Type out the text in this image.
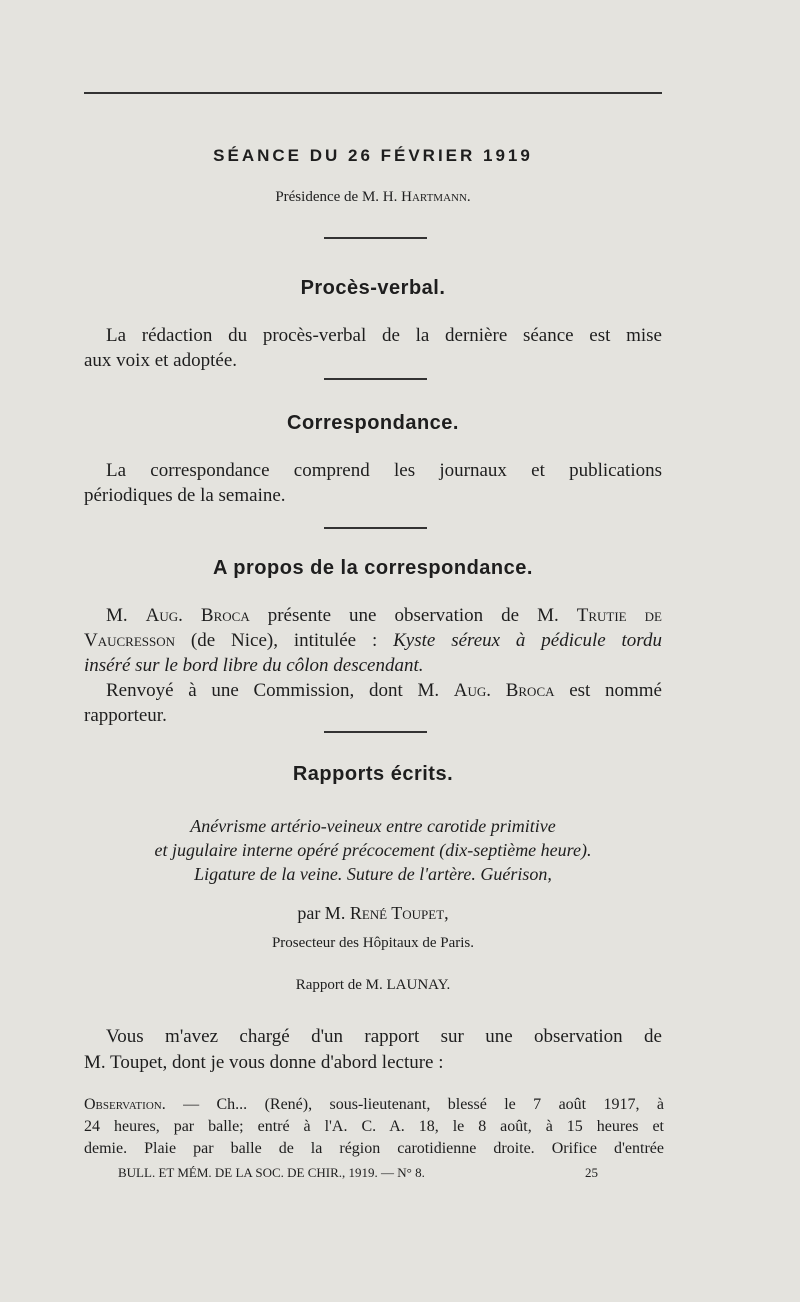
SÉANCE DU 26 FÉVRIER 1919
Présidence de M. H. Hartmann.
Procès-verbal.
La rédaction du procès-verbal de la dernière séance est mise
aux voix et adoptée.
Correspondance.
La correspondance comprend les journaux et publications
périodiques de la semaine.
A propos de la correspondance.
M. Aug. Broca présente une observation de M. Trutie de
Vaucresson (de Nice), intitulée : Kyste séreux à pédicule tordu
inséré sur le bord libre du côlon descendant.
Renvoyé à une Commission, dont M. Aug. Broca est nommé
rapporteur.
Rapports écrits.
Anévrisme artério-veineux entre carotide primitive
et jugulaire interne opéré précocement (dix-septième heure).
Ligature de la veine. Suture de l'artère. Guérison,
par M. René Toupet,
Prosecteur des Hôpitaux de Paris.
Rapport de M. LAUNAY.
Vous m'avez chargé d'un rapport sur une observation de
M. Toupet, dont je vous donne d'abord lecture :
Observation. — Ch... (René), sous-lieutenant, blessé le 7 août 1917, à
24 heures, par balle; entré à l'A. C. A. 18, le 8 août, à 15 heures et
demie. Plaie par balle de la région carotidienne droite. Orifice d'entrée
BULL. ET MÉM. DE LA SOC. DE CHIR., 1919. — N° 8.	25
